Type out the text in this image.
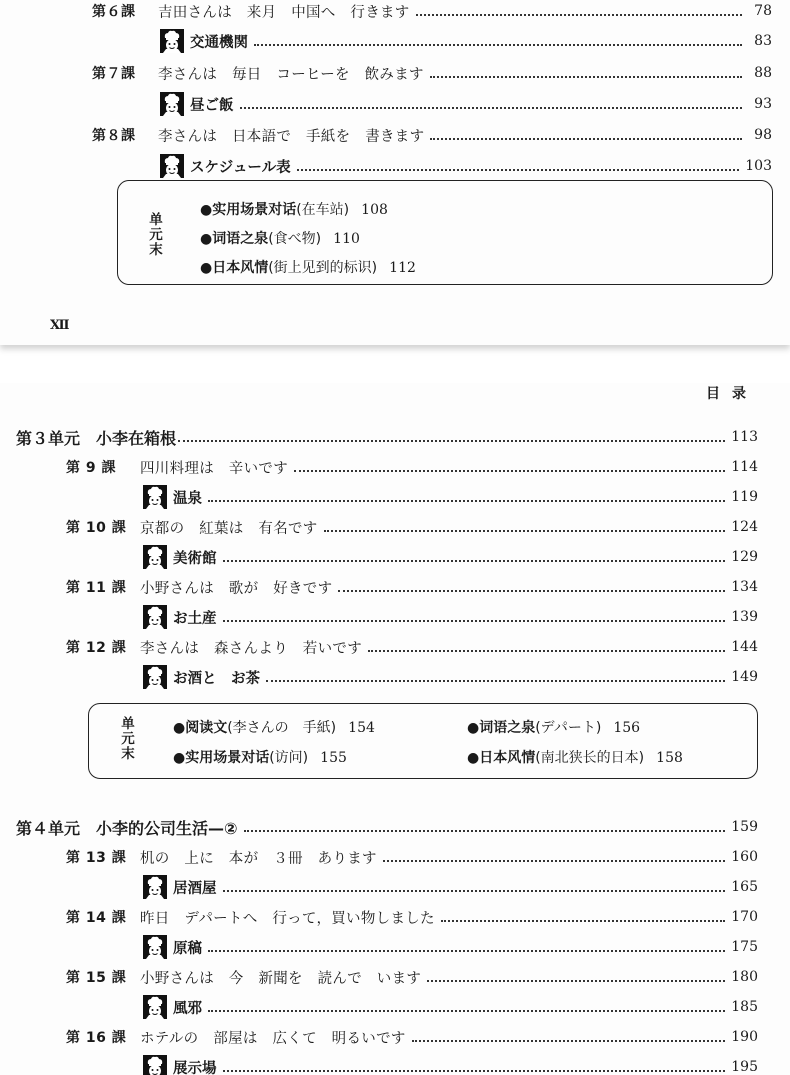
第６課	吉田さんは　来月　中国へ　行きます	78
交通機関	83
第７課	李さんは　毎日　コーヒーを　飲みます	88
昼ご飯	93
第８課	李さんは　日本語で　手紙を　書きます	98
スケジュール表	103
单
元
末
●实用场景对话(在车站) 108
●词语之泉(食べ物) 110
●日本风情(街上见到的标识) 112
Ⅻ
目录
第３单元　小李在箱根	113
第 9 課	四川料理は　辛いです	114
温泉	119
第 10 課 京都の　紅葉は　有名です	124
美術館	129
第 11 課 小野さんは　歌が　好きです	134
お土産	139
第 12 課 李さんは　森さんより　若いです	144
お酒と　お茶	149
单
元
末
●阅读文(李さんの　手紙) 154	●词语之泉(デパート) 156
●实用场景对话(访问) 155	●日本风情(南北狭长的日本) 158
第４单元　小李的公司生活—②	159
第 13 課 机の　上に　本が　３冊　あります	160
居酒屋	165
第 14 課 昨日　デパートへ　行って，買い物しました	170
原稿	175
第 15 課 小野さんは　今　新聞を　読んで　います	180
風邪	185
第 16 課 ホテルの　部屋は　広くて　明るいです	190
展示場	195
